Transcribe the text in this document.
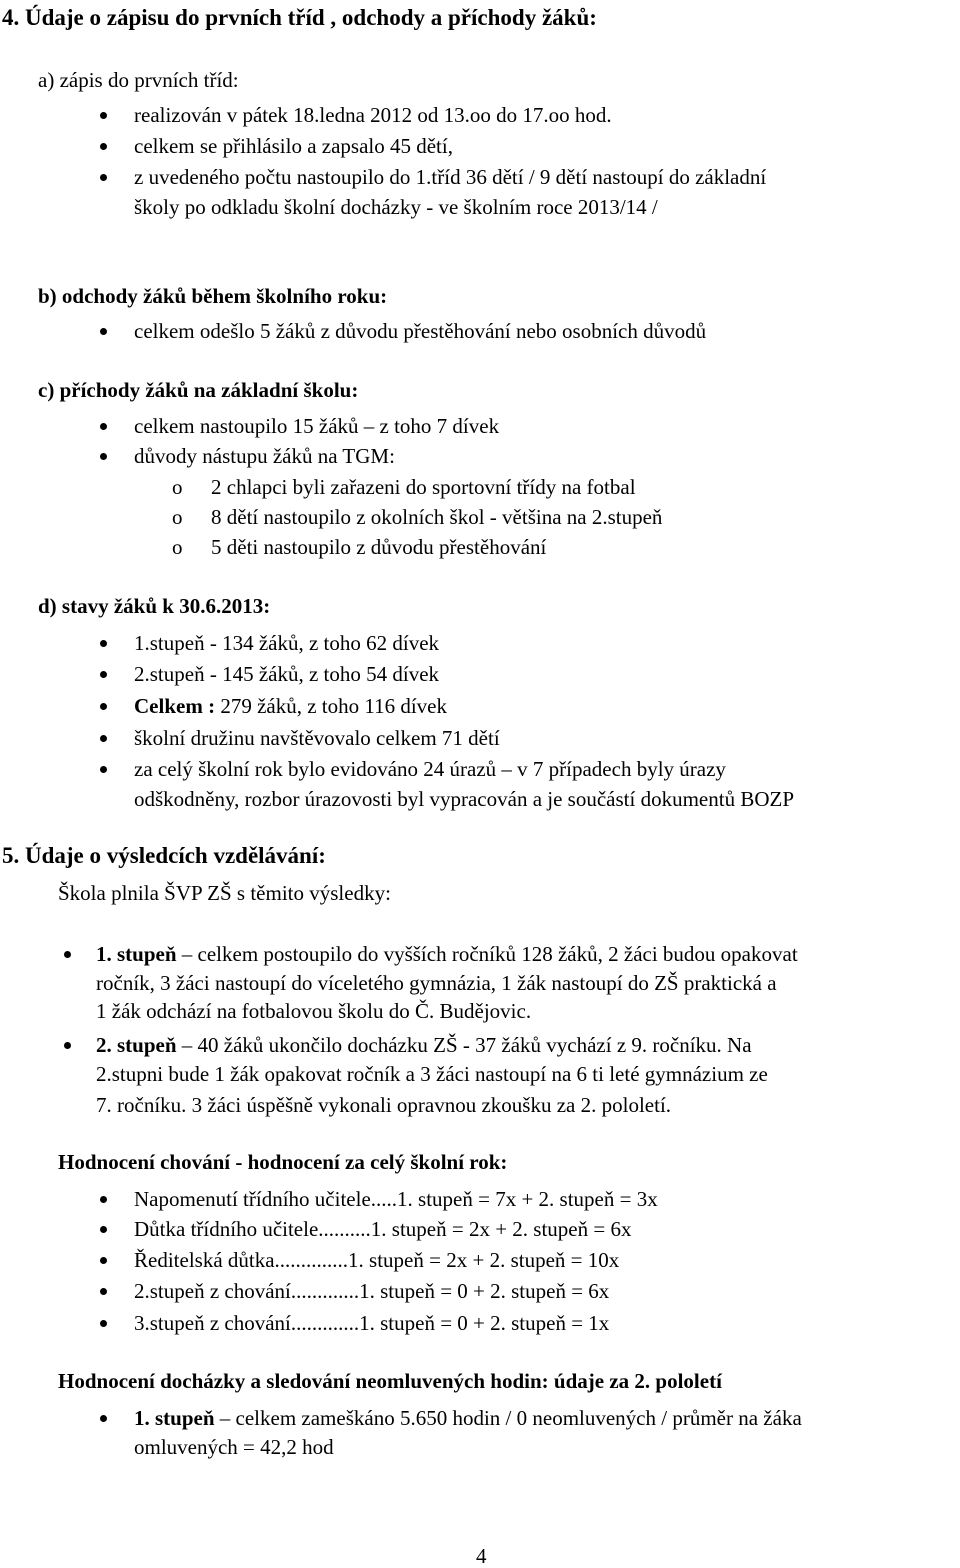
4. Údaje o zápisu do prvních tříd , odchody a příchody žáků:
a) zápis do prvních tříd:
realizován v pátek 18.ledna 2012 od 13.oo do 17.oo hod.
celkem se přihlásilo a zapsalo 45 dětí,
z uvedeného počtu nastoupilo do 1.tříd 36 dětí / 9 dětí nastoupí do základní
školy po odkladu školní docházky - ve školním roce 2013/14 /
b) odchody žáků během školního roku:
celkem odešlo 5 žáků z důvodu přestěhování nebo osobních důvodů
c) příchody žáků na základní školu:
celkem nastoupilo 15 žáků – z toho 7 dívek
důvody nástupu žáků na TGM:
o 2 chlapci byli zařazeni do sportovní třídy na fotbal
o 8 dětí nastoupilo z okolních škol - většina na 2.stupeň
o 5 děti nastoupilo z důvodu přestěhování
d) stavy žáků k 30.6.2013:
1.stupeň - 134 žáků, z toho 62 dívek
2.stupeň - 145 žáků, z toho 54 dívek
Celkem : 279 žáků, z toho 116 dívek
školní družinu navštěvovalo celkem 71 dětí
za celý školní rok bylo evidováno 24 úrazů – v 7 případech byly úrazy
odškodněny, rozbor úrazovosti byl vypracován a je součástí dokumentů BOZP
5. Údaje o výsledcích vzdělávání:
Škola plnila ŠVP ZŠ s těmito výsledky:
1. stupeň – celkem postoupilo do vyšších ročníků 128 žáků, 2 žáci budou opakovat
ročník, 3 žáci nastoupí do víceletého gymnázia, 1 žák nastoupí do ZŠ praktická a
1 žák odchází na fotbalovou školu do Č. Budějovic.
2. stupeň – 40 žáků ukončilo docházku ZŠ - 37 žáků vychází z 9. ročníku. Na
2.stupni bude 1 žák opakovat ročník a 3 žáci nastoupí na 6 ti leté gymnázium ze
7. ročníku. 3 žáci úspěšně vykonali opravnou zkoušku za 2. pololetí.
Hodnocení chování - hodnocení za celý školní rok:
Napomenutí třídního učitele.....1. stupeň = 7x + 2. stupeň = 3x
Důtka třídního učitele..........1. stupeň = 2x + 2. stupeň = 6x
Ředitelská důtka..............1. stupeň = 2x + 2. stupeň = 10x
2.stupeň z chování.............1. stupeň = 0 + 2. stupeň = 6x
3.stupeň z chování.............1. stupeň = 0 + 2. stupeň = 1x
Hodnocení docházky a sledování neomluvených hodin: údaje za 2. pololetí
1. stupeň – celkem zameškáno 5.650 hodin / 0 neomluvených / průměr na žáka
omluvených = 42,2 hod
4
